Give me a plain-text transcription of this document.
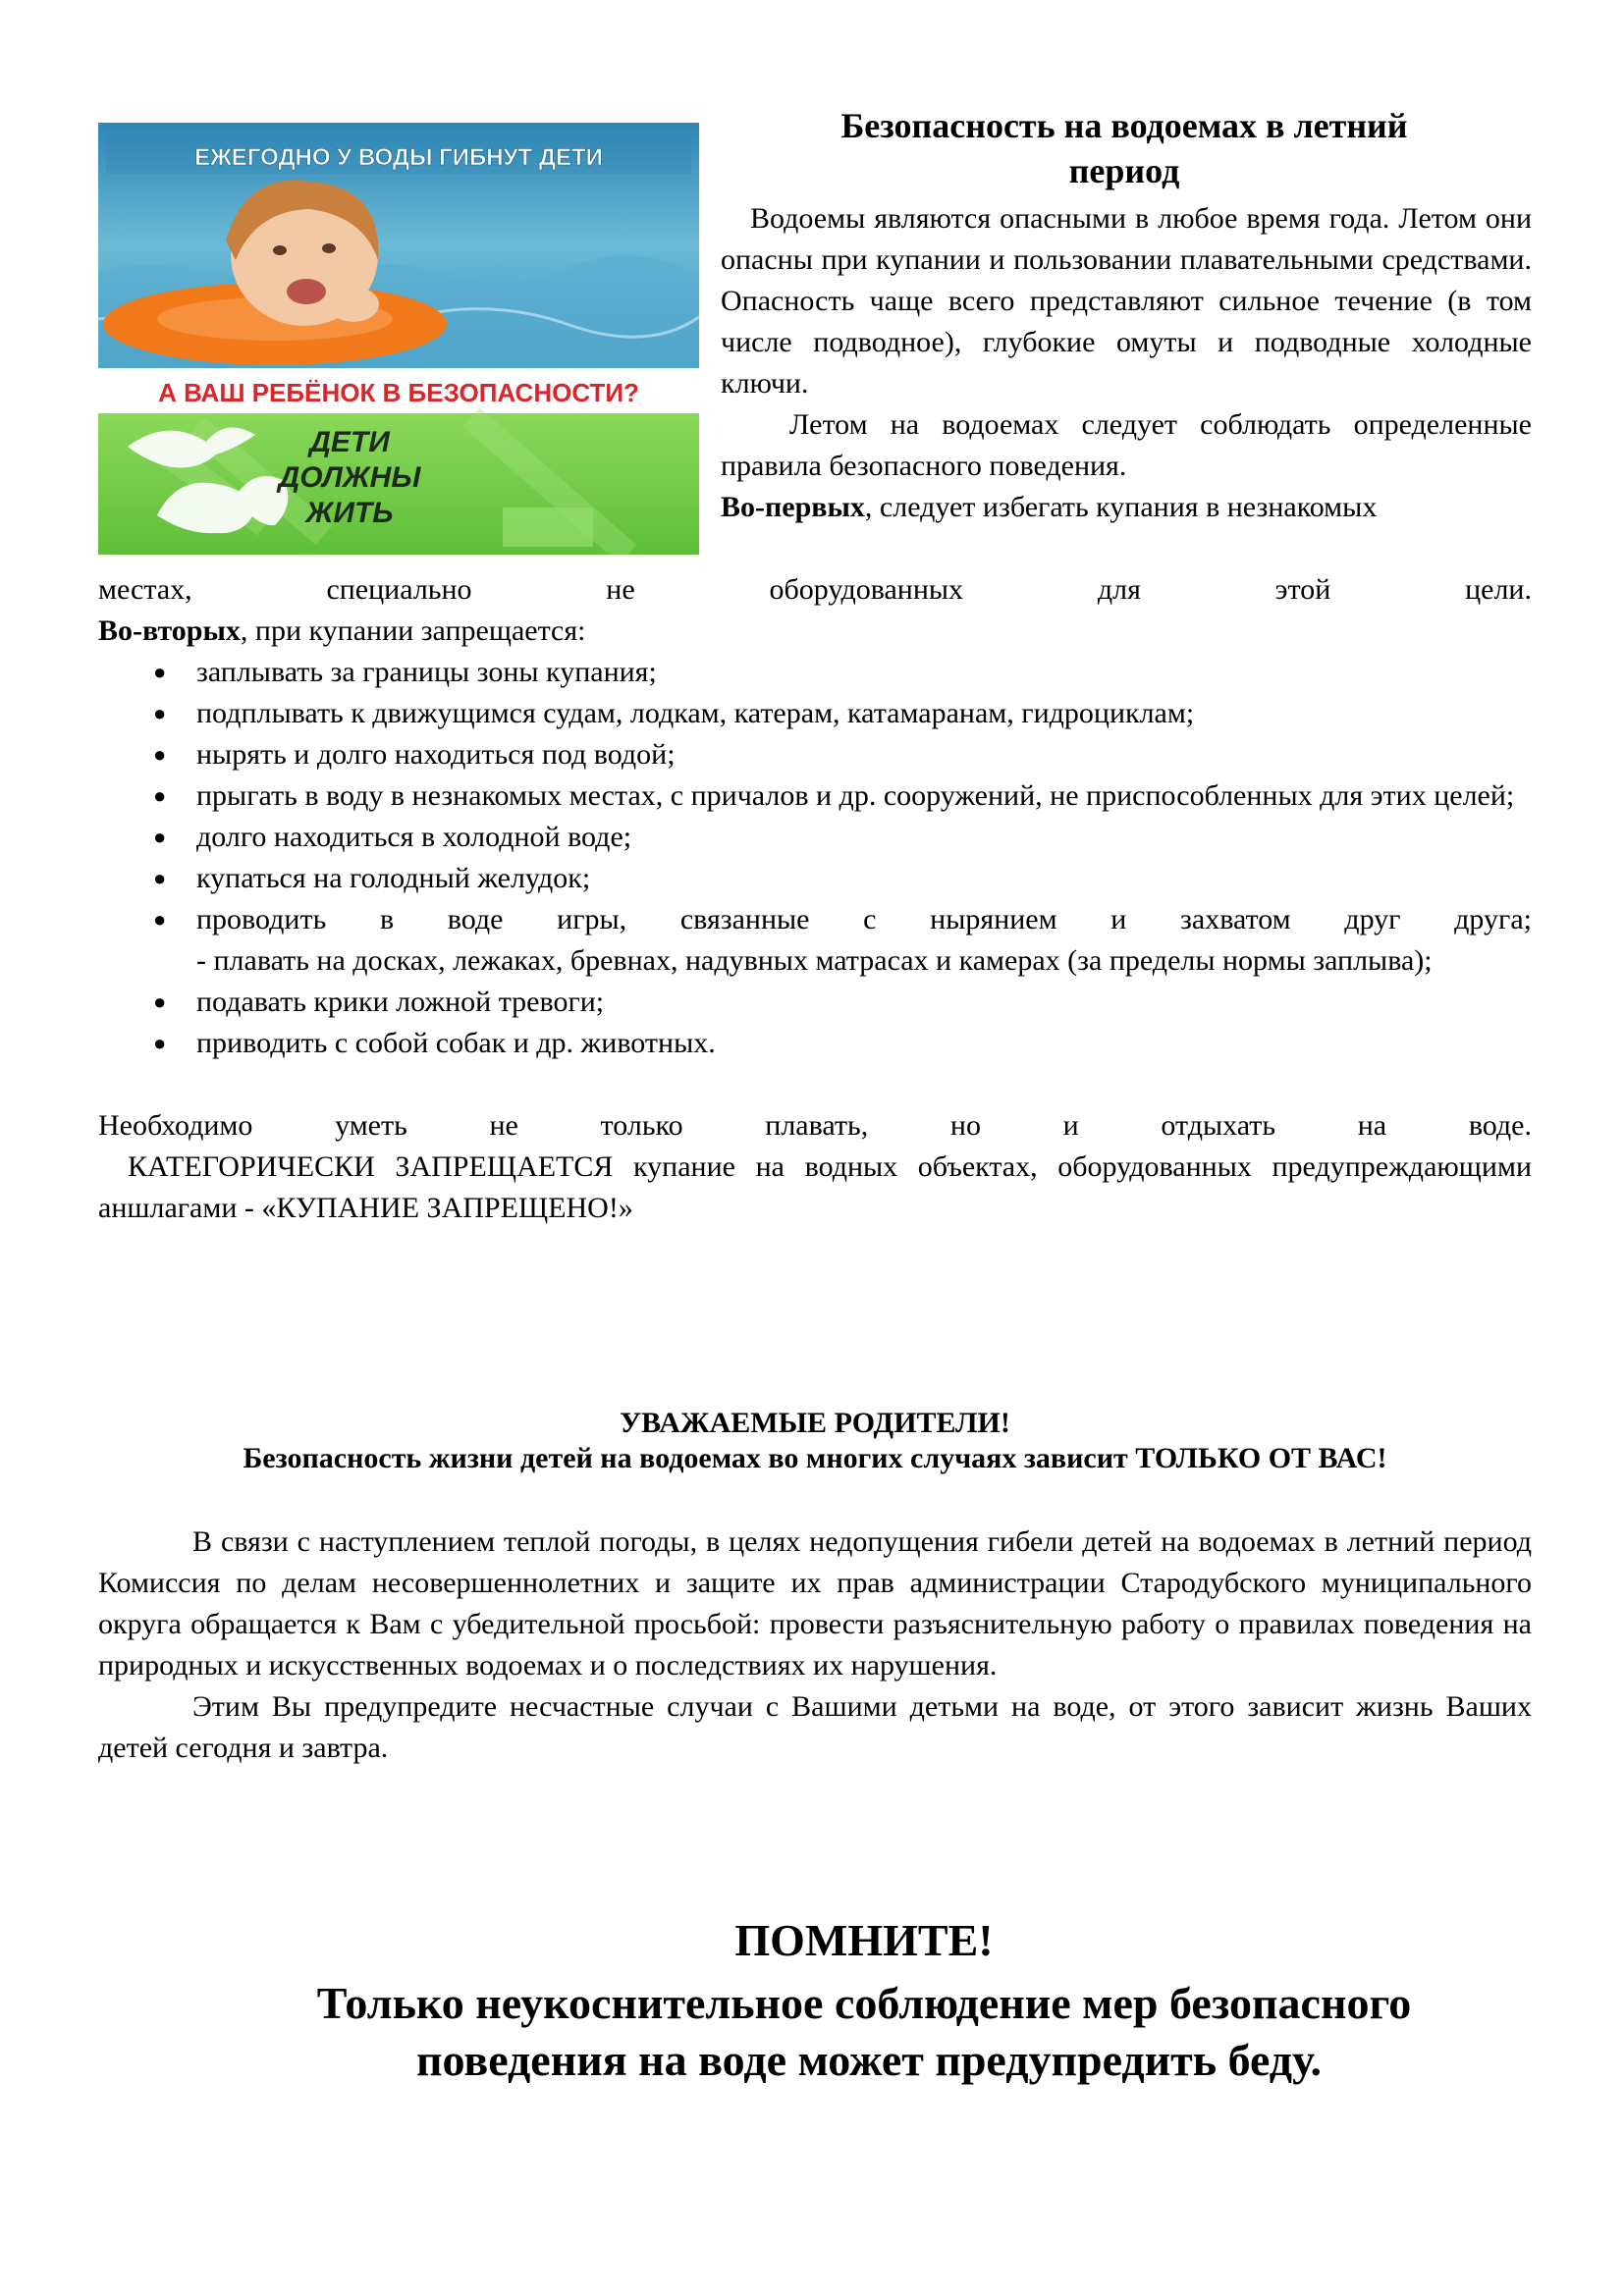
ЕЖЕГОДНО У ВОДЫ ГИБНУТ ДЕТИ
А ВАШ РЕБЁНОК В БЕЗОПАСНОСТИ?
ДЕТИ
ДОЛЖНЫ
ЖИТЬ
Безопасность на водоемах в летний
период

Водоемы являются опасными в любое время года. Летом они опасны при купании и пользовании плавательными средствами. Опасность чаще всего представляют сильное течение (в том числе подводное), глубокие омуты и подводные холодные ключи.

Летом на водоемах следует соблюдать определенные правила безопасного поведения.

Во-первых, следует избегать купания в незнакомых

местах, специально не оборудованных для этой цели.

Во-вторых, при купании запрещается:

● заплывать за границы зоны купания;
● подплывать к движущимся судам, лодкам, катерам, катамаранам, гидроциклам;
● нырять и долго находиться под водой;
● прыгать в воду в незнакомых местах, с причалов и др. сооружений, не приспособленных для этих целей;
● долго находиться в холодной воде;
● купаться на голодный желудок;
● проводить в воде игры, связанные с нырянием и захватом друг друга;
- плавать на досках, лежаках, бревнах, надувных матрасах и камерах (за пределы нормы заплыва);
● подавать крики ложной тревоги;
● приводить с собой собак и др. животных.

Необходимо уметь не только плавать, но и отдыхать на воде.

КАТЕГОРИЧЕСКИ ЗАПРЕЩАЕТСЯ купание на водных объектах, оборудованных предупреждающими аншлагами - «КУПАНИЕ ЗАПРЕЩЕНО!»

УВАЖАЕМЫЕ РОДИТЕЛИ!

Безопасность жизни детей на водоемах во многих случаях зависит ТОЛЬКО ОТ ВАС!

В связи с наступлением теплой погоды, в целях недопущения гибели детей на водоемах в летний период Комиссия по делам несовершеннолетних и защите их прав администрации Стародубского муниципального округа обращается к Вам с убедительной просьбой: провести разъяснительную работу о правилах поведения на природных и искусственных водоемах и о последствиях их нарушения.

Этим Вы предупредите несчастные случаи с Вашими детьми на воде, от этого зависит жизнь Ваших детей сегодня и завтра.

ПОМНИТЕ!

Только неукоснительное соблюдение мер безопасного

поведения на воде может предупредить беду.
